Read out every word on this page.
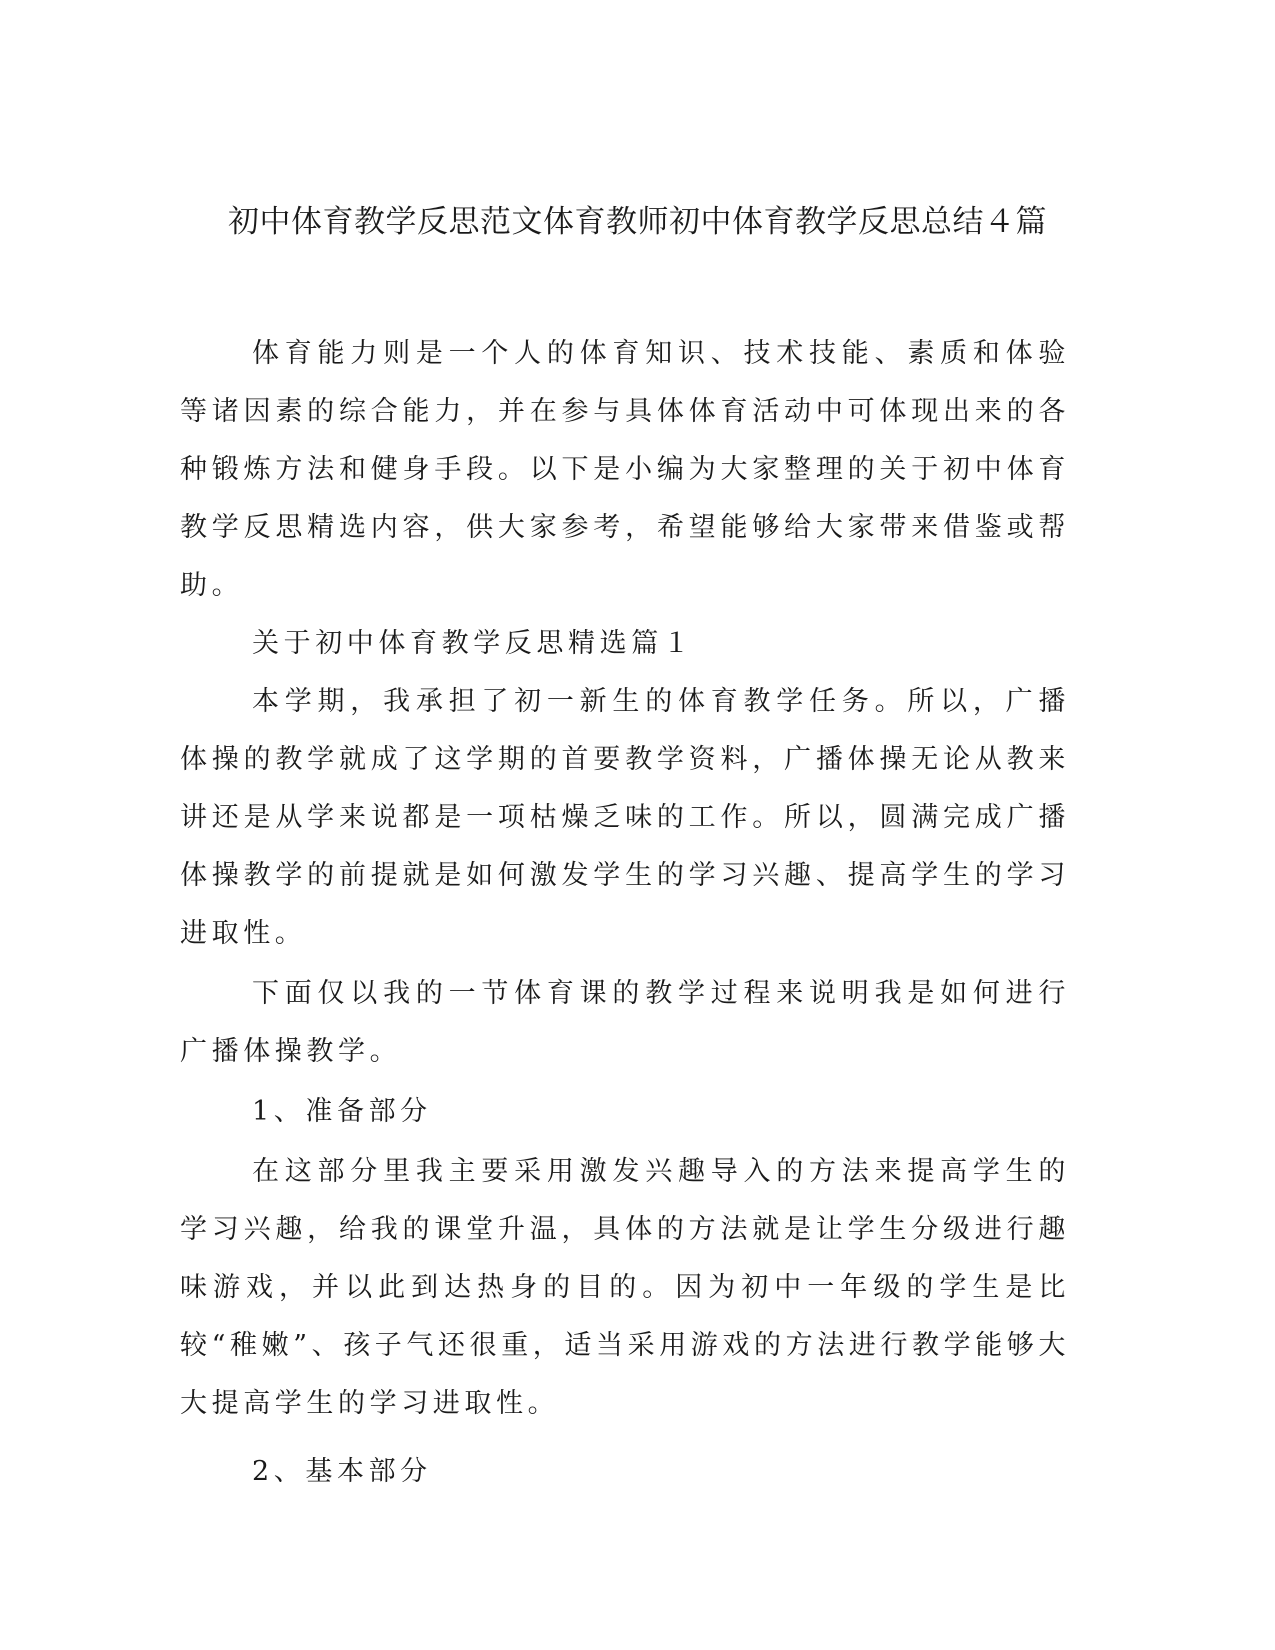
初中体育教学反思范文体育教师初中体育教学反思总结４篇

体育能力则是一个人的体育知识、技术技能、素质和体验等诸因素的综合能力，并在参与具体体育活动中可体现出来的各种锻炼方法和健身手段。以下是小编为大家整理的关于初中体育教学反思精选内容，供大家参考，希望能够给大家带来借鉴或帮助。

关于初中体育教学反思精选篇１

本学期，我承担了初一新生的体育教学任务。所以，广播体操的教学就成了这学期的首要教学资料，广播体操无论从教来讲还是从学来说都是一项枯燥乏味的工作。所以，圆满完成广播体操教学的前提就是如何激发学生的学习兴趣、提高学生的学习进取性。

下面仅以我的一节体育课的教学过程来说明我是如何进行广播体操教学。

1、准备部分

在这部分里我主要采用激发兴趣导入的方法来提高学生的学习兴趣，给我的课堂升温，具体的方法就是让学生分级进行趣味游戏，并以此到达热身的目的。因为初中一年级的学生是比较“稚嫩”、孩子气还很重，适当采用游戏的方法进行教学能够大大提高学生的学习进取性。

2、基本部分
